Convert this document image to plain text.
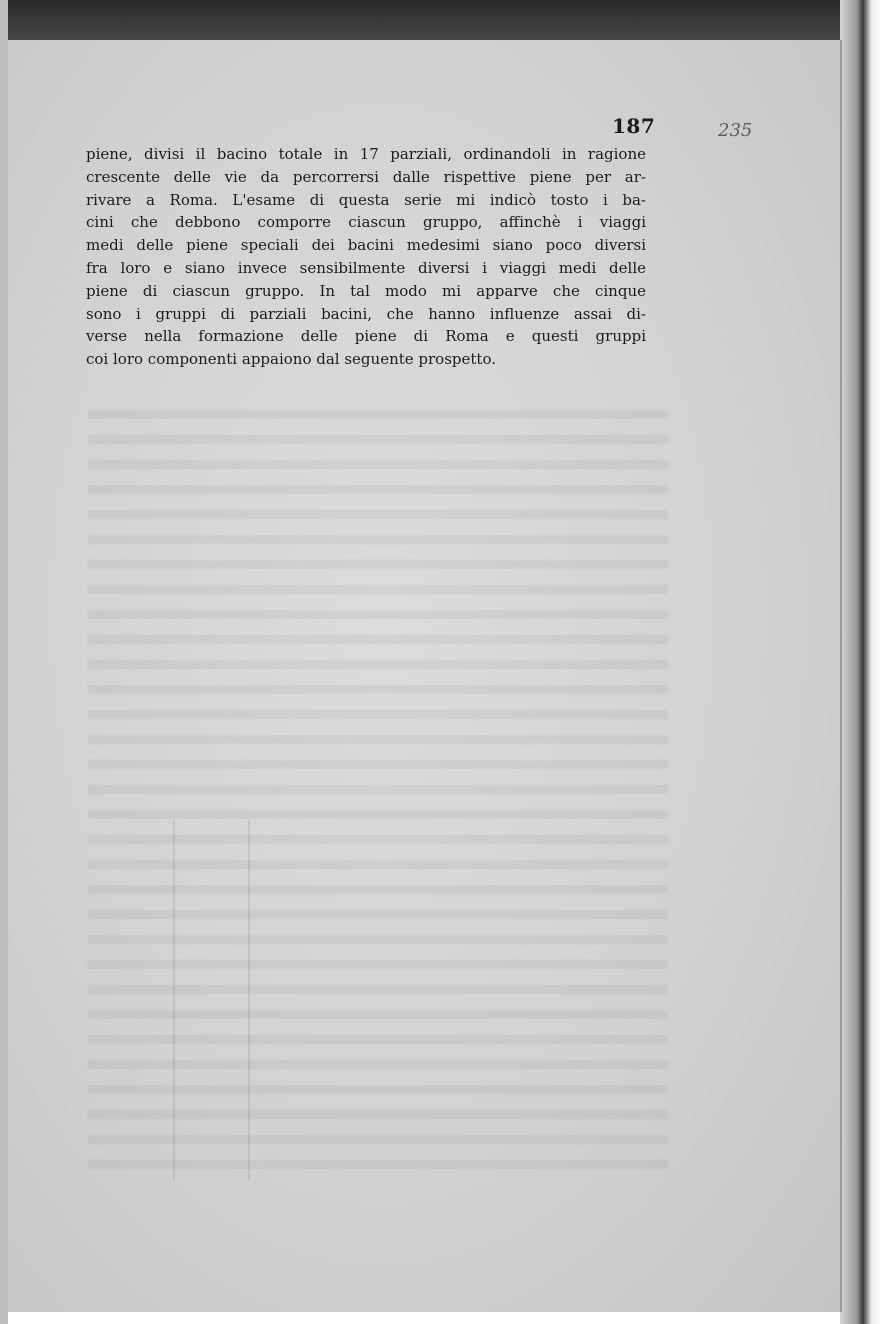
187	235
piene, divisi il bacino totale in 17 parziali, ordinandoli in ragione
crescente delle vie da percorrersi dalle rispettive piene per ar-
rivare a Roma. L'esame di questa serie mi indicò tosto i ba-
cini che debbono comporre ciascun gruppo, affinchè i viaggi
medi delle piene speciali dei bacini medesimi siano poco diversi
fra loro e siano invece sensibilmente diversi i viaggi medi delle
piene di ciascun gruppo. In tal modo mi apparve che cinque
sono i gruppi di parziali bacini, che hanno influenze assai di-
verse nella formazione delle piene di Roma e questi gruppi
coi loro componenti appaiono dal seguente prospetto.
